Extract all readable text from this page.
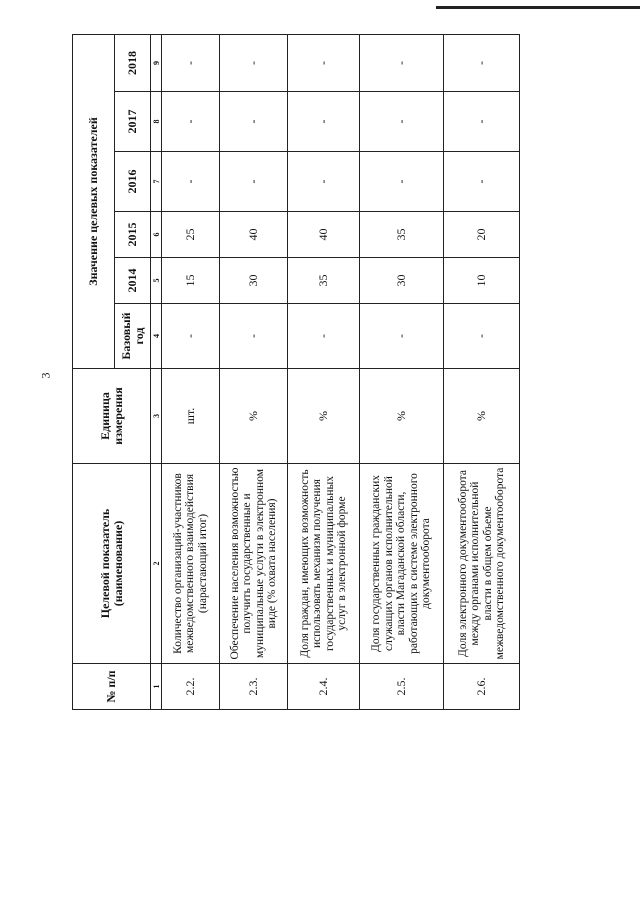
3
№ п/п	Целевой показатель (наименование)	Единица измерения	Значение целевых показателей					
			Базовый год	2014	2015	2016	2017	2018
1	2	3	4	5	6	7	8	9
2.2.	Количество организаций-участников межведомственного взаимодействия (нарастающий итог)	шт.	-	15	25	-	-	-
2.3.	Обеспечение населения возможностью получить государственные и муниципальные услуги в электронном виде (% охвата населения)	%	-	30	40	-	-	-
2.4.	Доля граждан, имеющих возможность использовать механизм получения государственных и муниципальных услуг в электронной форме	%	-	35	40	-	-	-
2.5.	Доля государственных гражданских служащих органов исполнительной власти Магаданской области, работающих в системе электронного документооборота	%	-	30	35	-	-	-
2.6.	Доля электронного документооборота между органами исполнительной власти в общем объеме межведомственного документооборота	%	-	10	20	-	-	-
